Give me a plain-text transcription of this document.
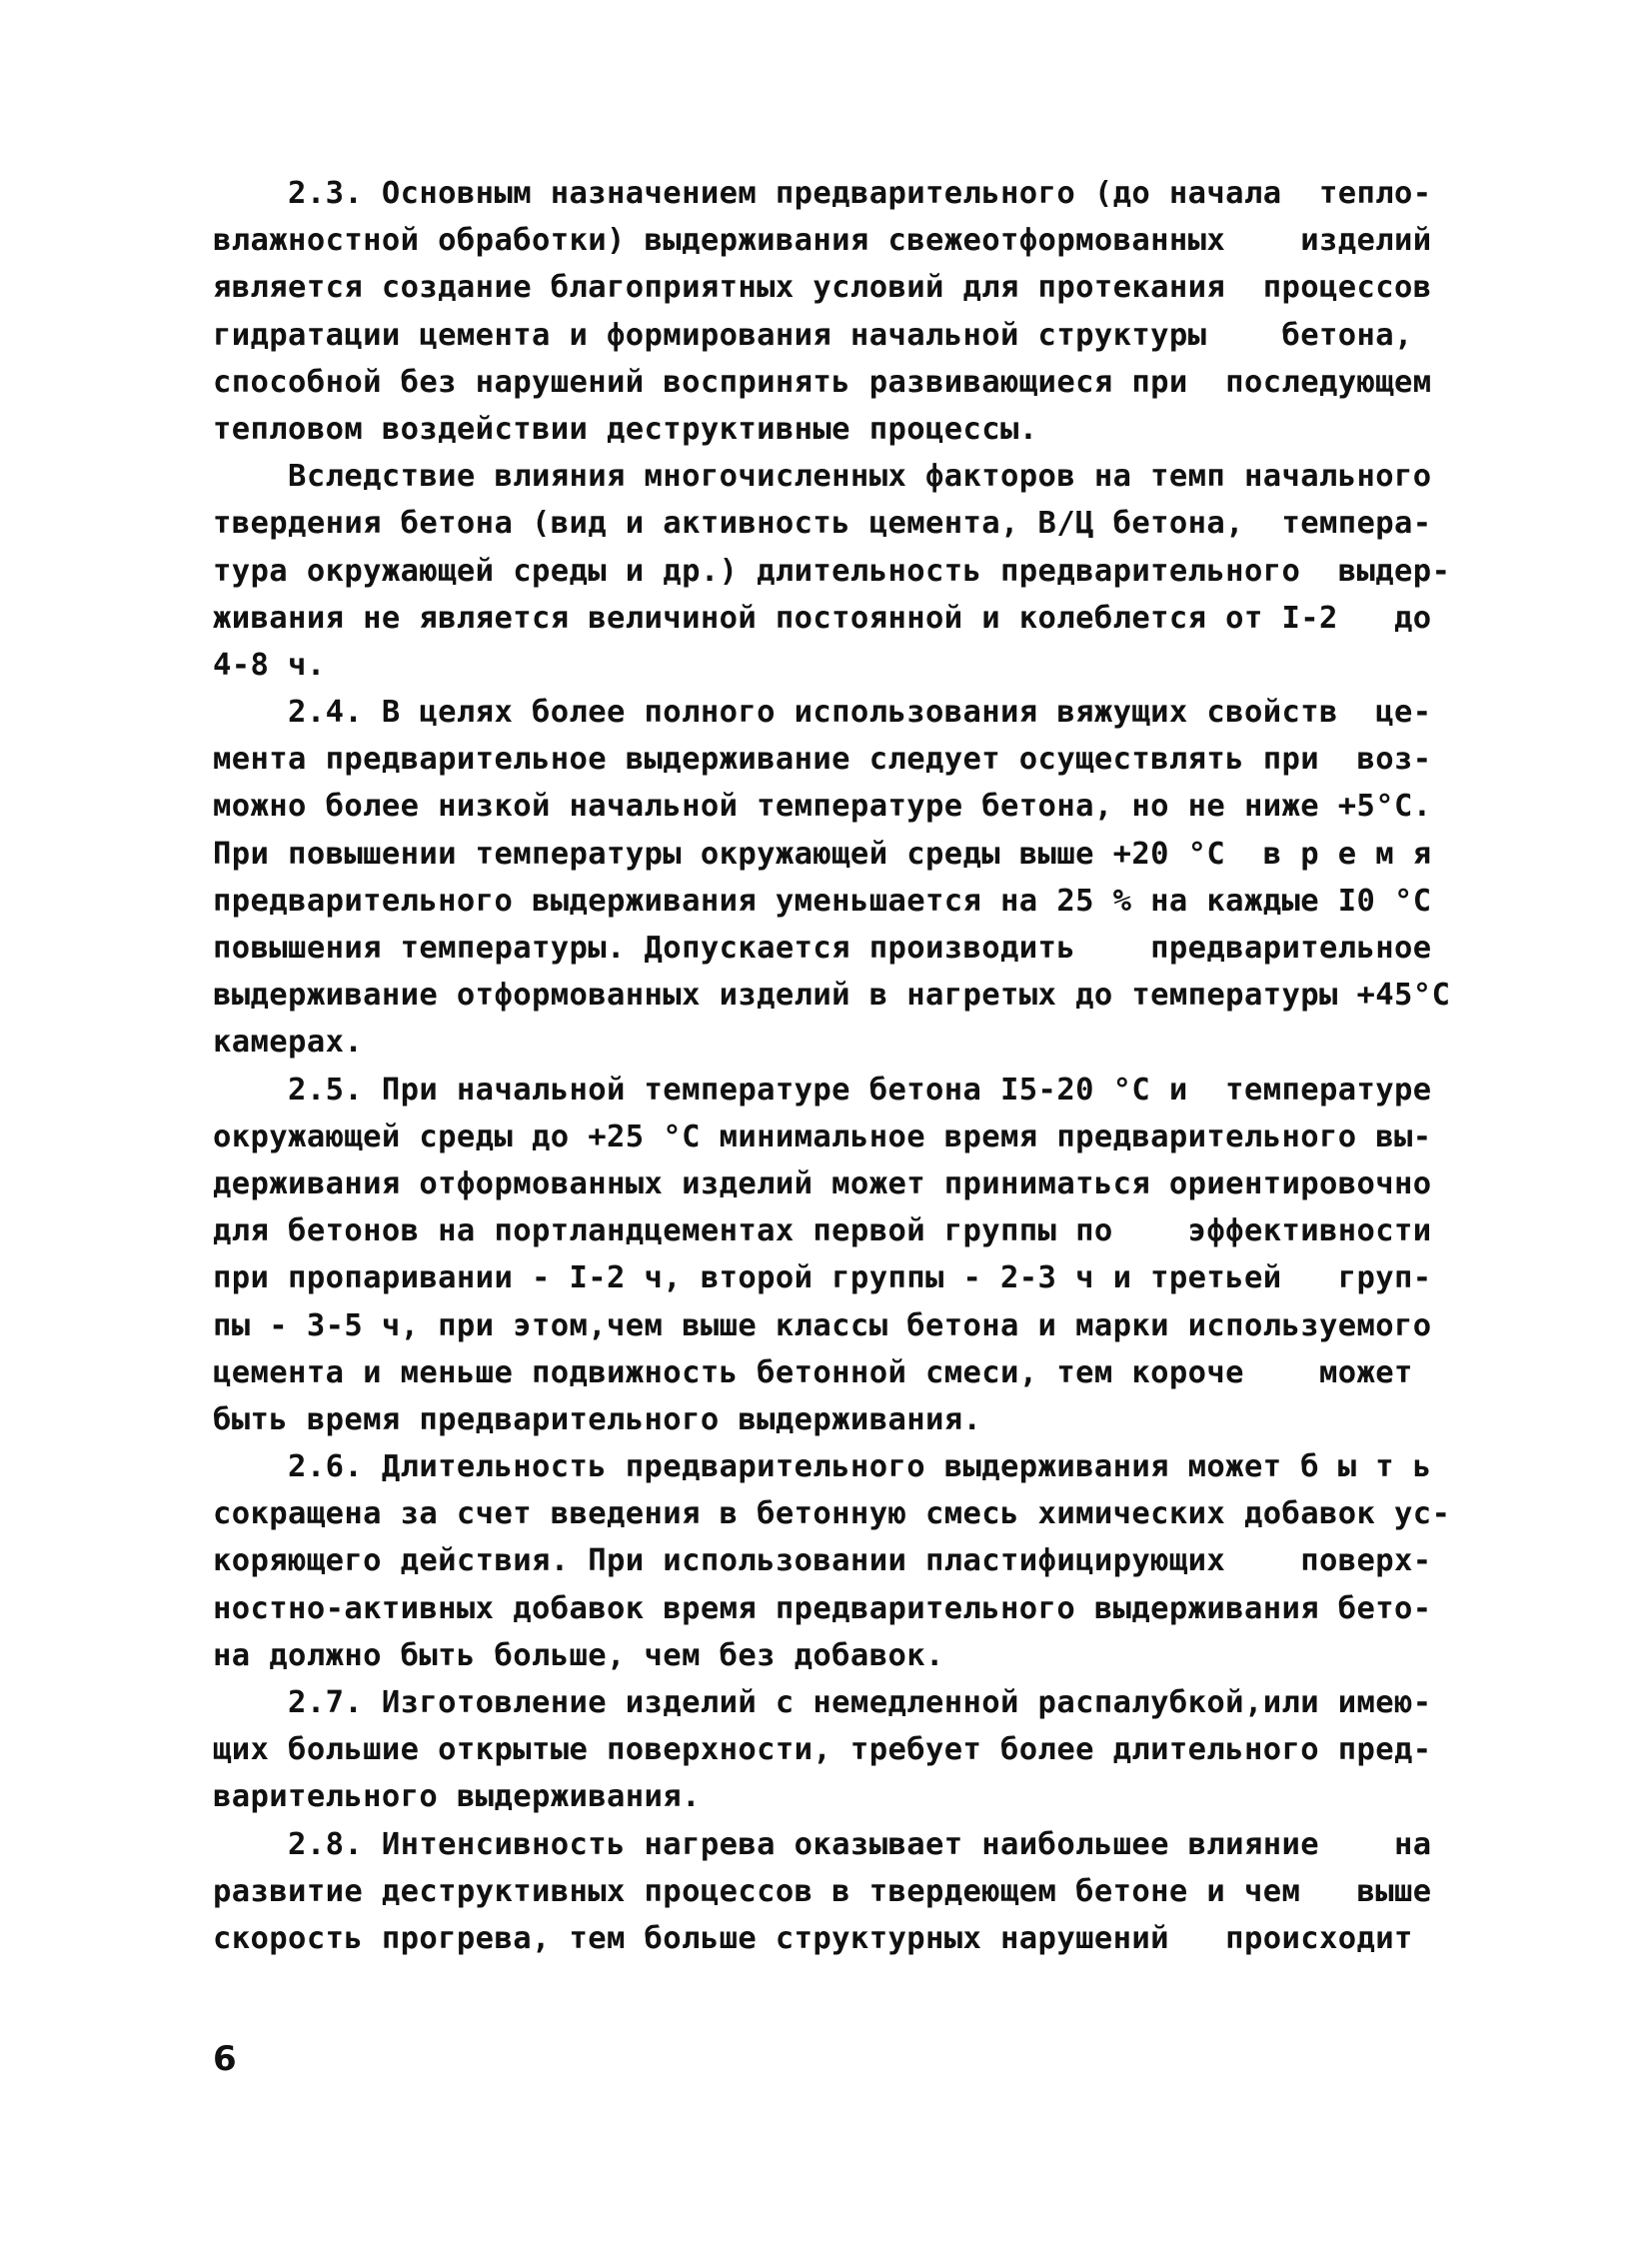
2.3. Основным назначением предварительного (до начала  тепло-
влажностной обработки) выдерживания свежеотформованных    изделий
является создание благоприятных условий для протекания  процессов
гидратации цемента и формирования начальной структуры    бетона,
способной без нарушений воспринять развивающиеся при  последующем
тепловом воздействии деструктивные процессы.
Вследствие влияния многочисленных факторов на темп начального
твердения бетона (вид и активность цемента, В/Ц бетона,  темпера-
тура окружающей среды и др.) длительность предварительного  выдер-
живания не является величиной постоянной и колеблется от I-2   до
4-8 ч.
2.4. В целях более полного использования вяжущих свойств  це-
мента предварительное выдерживание следует осуществлять при  воз-
можно более низкой начальной температуре бетона, но не ниже +5°С.
При повышении температуры окружающей среды выше +20 °С  в р е м я
предварительного выдерживания уменьшается на 25 % на каждые I0 °С
повышения температуры. Допускается производить    предварительное
выдерживание отформованных изделий в нагретых до температуры +45°С
камерах.
2.5. При начальной температуре бетона I5-20 °С и  температуре
окружающей среды до +25 °С минимальное время предварительного вы-
держивания отформованных изделий может приниматься ориентировочно
для бетонов на портландцементах первой группы по    эффективности
при пропаривании - I-2 ч, второй группы - 2-3 ч и третьей   груп-
пы - 3-5 ч, при этом,чем выше классы бетона и марки используемого
цемента и меньше подвижность бетонной смеси, тем короче    может
быть время предварительного выдерживания.
2.6. Длительность предварительного выдерживания может б ы т ь
сокращена за счет введения в бетонную смесь химических добавок ус-
коряющего действия. При использовании пластифицирующих    поверх-
ностно-активных добавок время предварительного выдерживания бето-
на должно быть больше, чем без добавок.
2.7. Изготовление изделий с немедленной распалубкой,или имею-
щих большие открытые поверхности, требует более длительного пред-
варительного выдерживания.
2.8. Интенсивность нагрева оказывает наибольшее влияние    на
развитие деструктивных процессов в твердеющем бетоне и чем   выше
скорость прогрева, тем больше структурных нарушений   происходит
6
